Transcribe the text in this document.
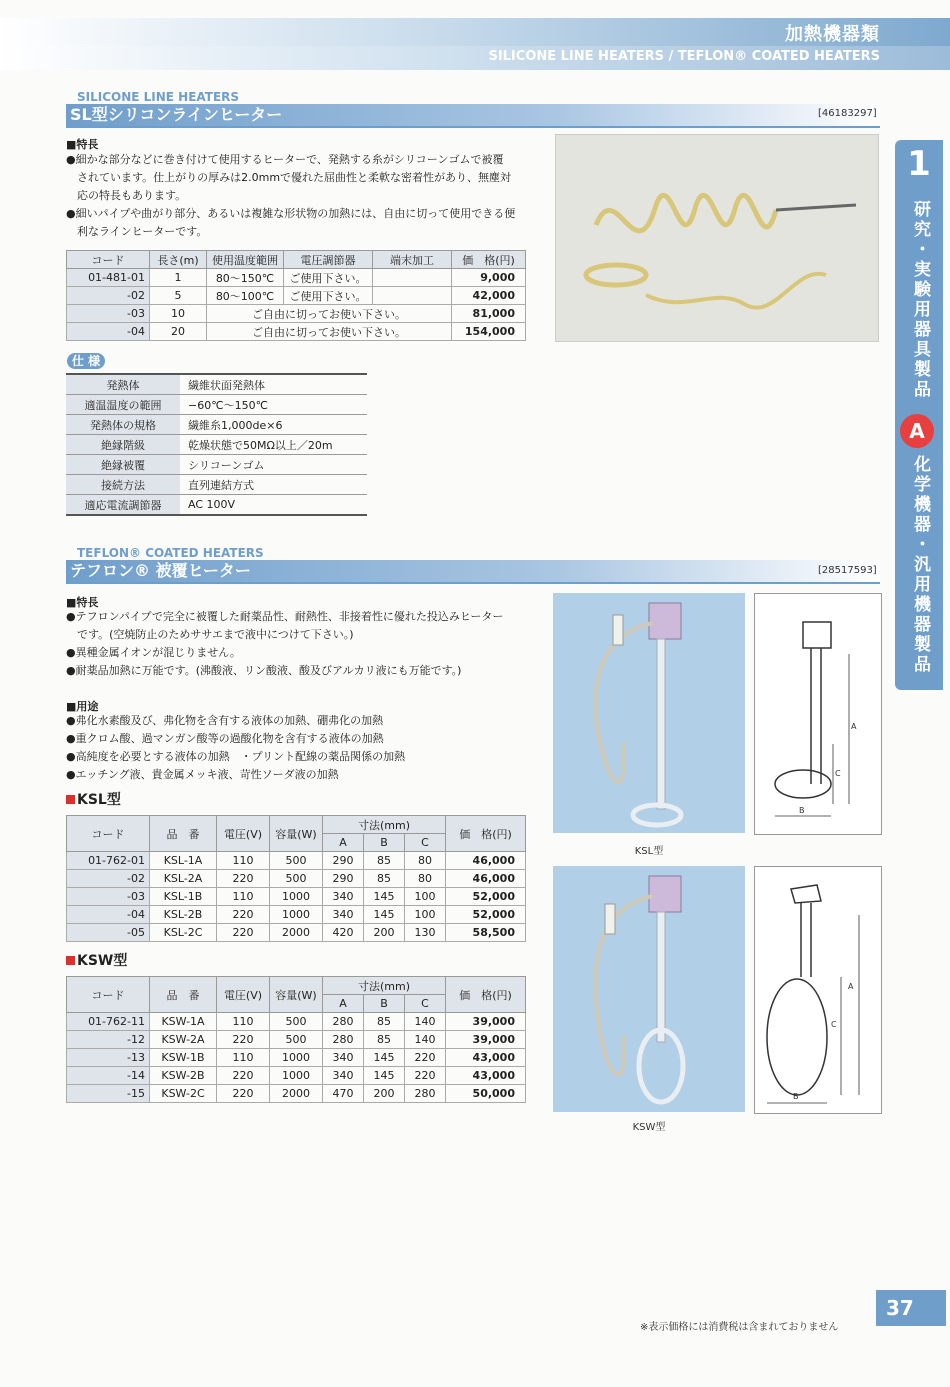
加熱機器類
SILICONE LINE HEATERS / TEFLON® COATED HEATERS
1
研究・実験用器具製品
A
化学機器・汎用機器製品
SILICONE LINE HEATERS
SL型シリコンラインヒーター	[46183297]
■特長
●細かな部分などに巻き付けて使用するヒーターで、発熱する糸がシリコーンゴムで被覆
　されています。仕上がりの厚みは2.0mmで優れた屈曲性と柔軟な密着性があり、無塵対
　応の特長もあります。
●細いパイプや曲がり部分、あるいは複雑な形状物の加熱には、自由に切って使用できる便
　利なラインヒーターです。
コード	長さ(m)	使用温度範囲	電圧調節器	端末加工	価　格(円)
01-481-01	1	80～150℃	ご使用下さい。		9,000
-02	5	80～100℃	ご使用下さい。		42,000
-03	10	ご自由に切ってお使い下さい。			81,000
-04	20	ご自由に切ってお使い下さい。			154,000
仕 様
発熱体	繊維状面発熱体
適温温度の範囲	−60℃～150℃
発熱体の規格	繊維糸1,000de×6
絶縁階級	乾燥状態で50MΩ以上／20m
絶縁被覆	シリコーンゴム
接続方法	直列連結方式
適応電流調節器	AC 100V
TEFLON® COATED HEATERS
テフロン® 被覆ヒーター	[28517593]
■特長
●テフロンパイプで完全に被覆した耐薬品性、耐熱性、非接着性に優れた投込みヒーター
　です。(空焼防止のためササエまで液中につけて下さい。)
●異種金属イオンが混じりません。
●耐薬品加熱に万能です。(沸酸液、リン酸液、酸及びアルカリ液にも万能です。)
■用途
●弗化水素酸及び、弗化物を含有する液体の加熱、硼弗化の加熱
●重クロム酸、過マンガン酸等の過酸化物を含有する液体の加熱
●高純度を必要とする液体の加熱　・プリント配線の薬品関係の加熱
●エッチング液、貴金属メッキ液、苛性ソーダ液の加熱
KSL型
コード	品　番	電圧(V)	容量(W)	寸法(mm)			価　格(円)
				A	B	C	
01-762-01	KSL-1A	110	500	290	85	80	46,000
-02	KSL-2A	220	500	290	85	80	46,000
-03	KSL-1B	110	1000	340	145	100	52,000
-04	KSL-2B	220	1000	340	145	100	52,000
-05	KSL-2C	220	2000	420	200	130	58,500
KSW型
コード	品　番	電圧(V)	容量(W)	寸法(mm)			価　格(円)
				A	B	C	
01-762-11	KSW-1A	110	500	280	85	140	39,000
-12	KSW-2A	220	500	280	85	140	39,000
-13	KSW-1B	110	1000	340	145	220	43,000
-14	KSW-2B	220	1000	340	145	220	43,000
-15	KSW-2C	220	2000	470	200	280	50,000
A
C
B
KSL型
A
C
B
KSW型
37
※表示価格には消費税は含まれておりません
